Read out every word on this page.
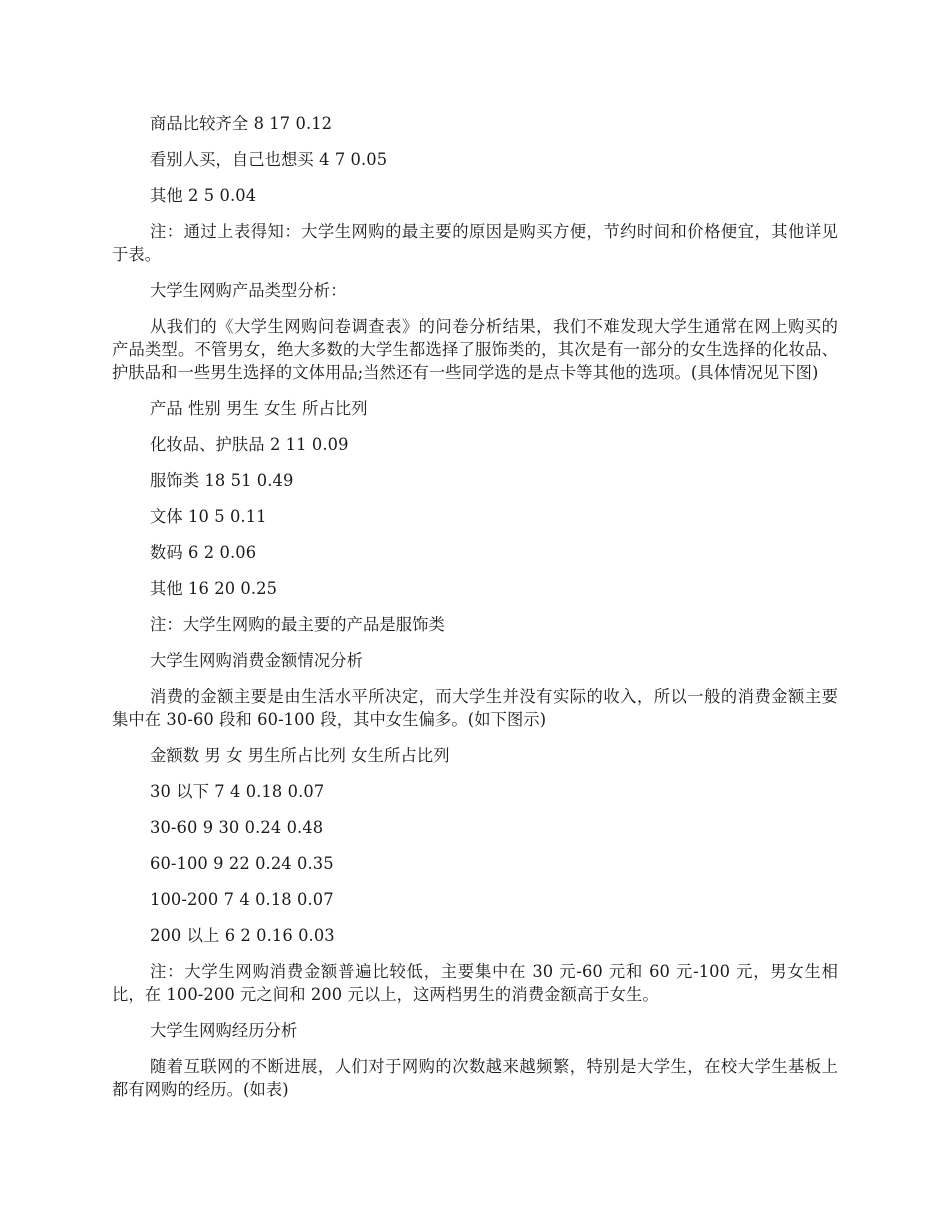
商品比较齐全 8 17 0.12

看别人买，自己也想买 4 7 0.05

其他 2 5 0.04

注：通过上表得知：大学生网购的最主要的原因是购买方便，节约时间和价格便宜，其他详见于表。

大学生网购产品类型分析：

从我们的《大学生网购问卷调查表》的问卷分析结果，我们不难发现大学生通常在网上购买的产品类型。不管男女，绝大多数的大学生都选择了服饰类的，其次是有一部分的女生选择的化妆品、护肤品和一些男生选择的文体用品;当然还有一些同学选的是点卡等其他的选项。(具体情况见下图)

产品 性别 男生 女生 所占比列

化妆品、护肤品 2 11 0.09

服饰类 18 51 0.49

文体 10 5 0.11

数码 6 2 0.06

其他 16 20 0.25

注：大学生网购的最主要的产品是服饰类

大学生网购消费金额情况分析

消费的金额主要是由生活水平所决定，而大学生并没有实际的收入，所以一般的消费金额主要集中在 30-60 段和 60-100 段，其中女生偏多。(如下图示)

金额数 男 女 男生所占比列 女生所占比列

30 以下 7 4 0.18 0.07

30-60 9 30 0.24 0.48

60-100 9 22 0.24 0.35

100-200 7 4 0.18 0.07

200 以上 6 2 0.16 0.03

注：大学生网购消费金额普遍比较低，主要集中在 30 元-60 元和 60 元-100 元，男女生相比，在 100-200 元之间和 200 元以上，这两档男生的消费金额高于女生。

大学生网购经历分析

随着互联网的不断进展，人们对于网购的次数越来越频繁，特别是大学生，在校大学生基板上都有网购的经历。(如表)
